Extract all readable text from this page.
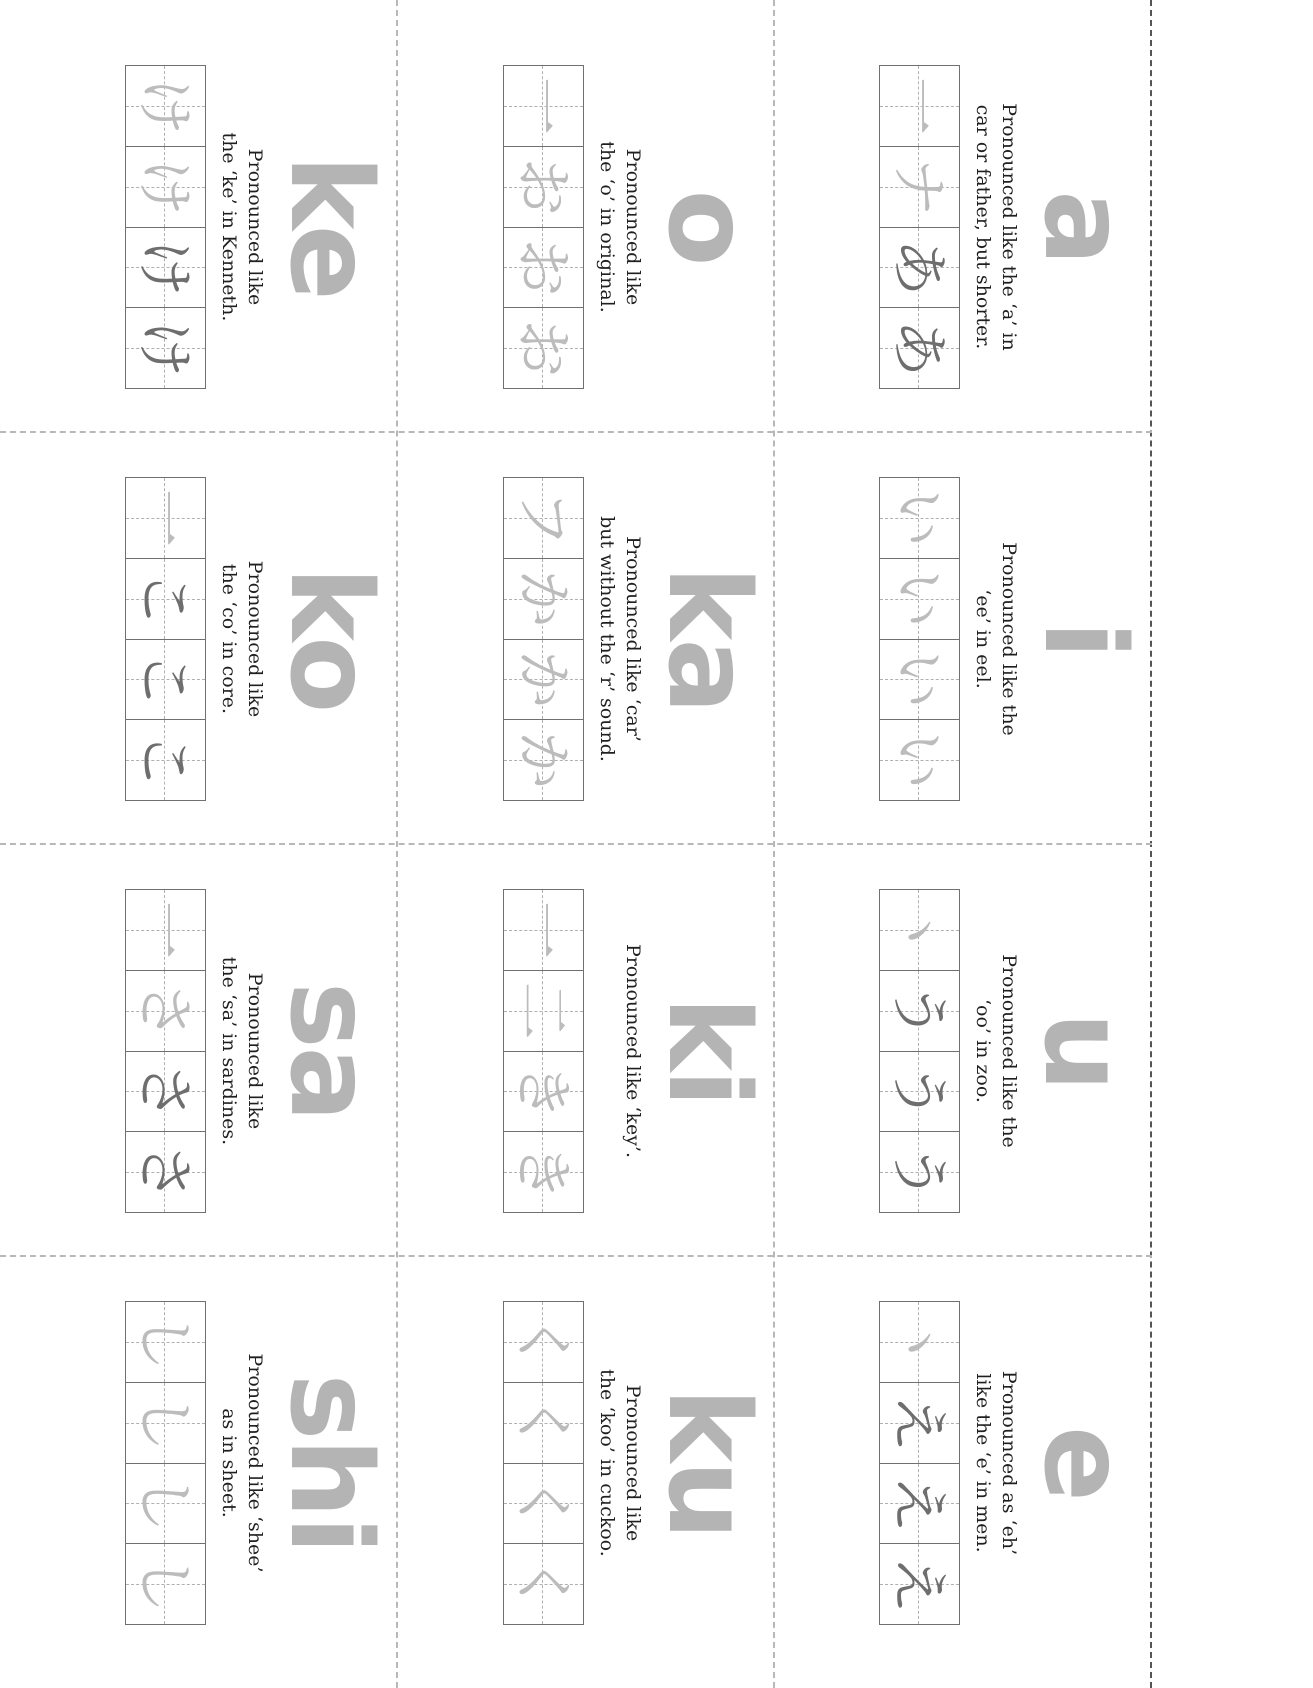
a
Pronounced like the ‘a’ in
car or father, but shorter.
一
ナ
あ
あ
i
Pronounced like the
‘ee’ in eel.
い
い
い
い
u
Pronounced like the
‘oo’ in zoo.
ヽ
う
う
う
e
Pronounced as ‘eh’
like the ‘e’ in men.
ヽ
え
え
え
o
Pronounced like
the ‘o’ in original.
一
お
お
お
ka
Pronounced like ‘car’
but without the ‘r’ sound.
フ
か
か
か
ki
Pronounced like ‘key’.
一
二
き
き
ku
Pronounced like
the ‘koo’ in cuckoo.
く
く
く
く
ke
Pronounced like
the ‘ke’ in Kenneth.
け
け
け
け
ko
Pronounced like
the ‘co’ in core.
一
こ
こ
こ
sa
Pronounced like
the ‘sa’ in sardines.
一
さ
さ
さ
shi
Pronounced like ‘shee’
as in sheet.
し
し
し
し
